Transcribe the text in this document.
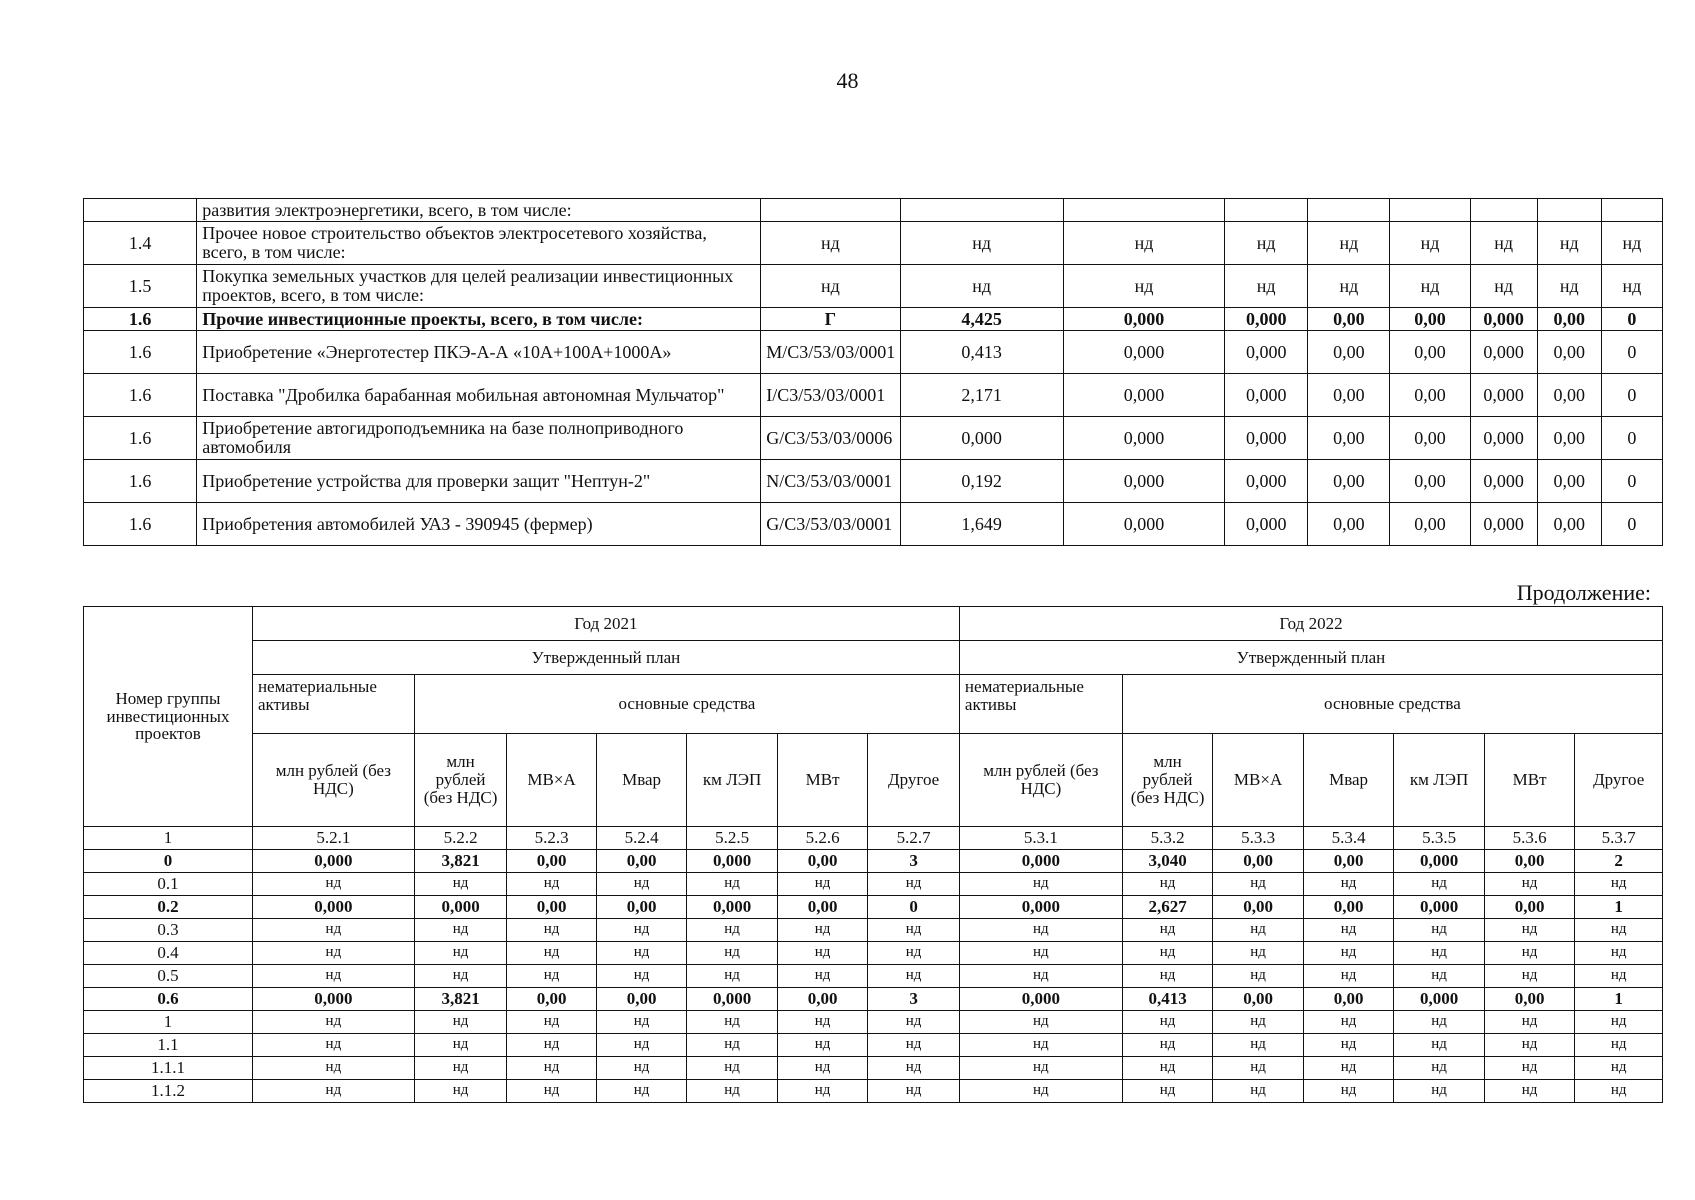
48
	развития электроэнергетики, всего, в том числе:									
1.4	Прочее новое строительство объектов электросетевого хозяйства, всего, в том числе:	нд	нд	нд	нд	нд	нд	нд	нд	нд
1.5	Покупка земельных участков для целей реализации инвестиционных проектов, всего, в том числе:	нд	нд	нд	нд	нд	нд	нд	нд	нд
1.6	Прочие инвестиционные проекты, всего, в том числе:	Г	4,425	0,000	0,000	0,00	0,00	0,000	0,00	0
1.6	Приобретение «Энерготестер ПКЭ-А-А «10А+100А+1000А»	M/C3/53/03/0001	0,413	0,000	0,000	0,00	0,00	0,000	0,00	0
1.6	Поставка "Дробилка барабанная мобильная автономная Мульчатор"	I/C3/53/03/0001	2,171	0,000	0,000	0,00	0,00	0,000	0,00	0
1.6	Приобретение автогидроподъемника на базе полноприводного автомобиля	G/C3/53/03/0006	0,000	0,000	0,000	0,00	0,00	0,000	0,00	0
1.6	Приобретение устройства для проверки защит "Нептун-2"	N/C3/53/03/0001	0,192	0,000	0,000	0,00	0,00	0,000	0,00	0
1.6	Приобретения автомобилей УАЗ - 390945 (фермер)	G/C3/53/03/0001	1,649	0,000	0,000	0,00	0,00	0,000	0,00	0
Продолжение:
Номер группы инвестиционных проектов	Год 2021							Год 2022						
	Утвержденный план							Утвержденный план						
	нематериальные активы	основные средства						нематериальные активы	основные средства					
	млн рублей (без НДС)	млн рублей (без НДС)	МВ×А	Мвар	км ЛЭП	МВт	Другое	млн рублей (без НДС)	млн рублей (без НДС)	МВ×А	Мвар	км ЛЭП	МВт	Другое
1	5.2.1	5.2.2	5.2.3	5.2.4	5.2.5	5.2.6	5.2.7	5.3.1	5.3.2	5.3.3	5.3.4	5.3.5	5.3.6	5.3.7
0	0,000	3,821	0,00	0,00	0,000	0,00	3	0,000	3,040	0,00	0,00	0,000	0,00	2
0.1	нд	нд	нд	нд	нд	нд	нд	нд	нд	нд	нд	нд	нд	нд
0.2	0,000	0,000	0,00	0,00	0,000	0,00	0	0,000	2,627	0,00	0,00	0,000	0,00	1
0.3	нд	нд	нд	нд	нд	нд	нд	нд	нд	нд	нд	нд	нд	нд
0.4	нд	нд	нд	нд	нд	нд	нд	нд	нд	нд	нд	нд	нд	нд
0.5	нд	нд	нд	нд	нд	нд	нд	нд	нд	нд	нд	нд	нд	нд
0.6	0,000	3,821	0,00	0,00	0,000	0,00	3	0,000	0,413	0,00	0,00	0,000	0,00	1
1	нд	нд	нд	нд	нд	нд	нд	нд	нд	нд	нд	нд	нд	нд
1.1	нд	нд	нд	нд	нд	нд	нд	нд	нд	нд	нд	нд	нд	нд
1.1.1	нд	нд	нд	нд	нд	нд	нд	нд	нд	нд	нд	нд	нд	нд
1.1.2	нд	нд	нд	нд	нд	нд	нд	нд	нд	нд	нд	нд	нд	нд
